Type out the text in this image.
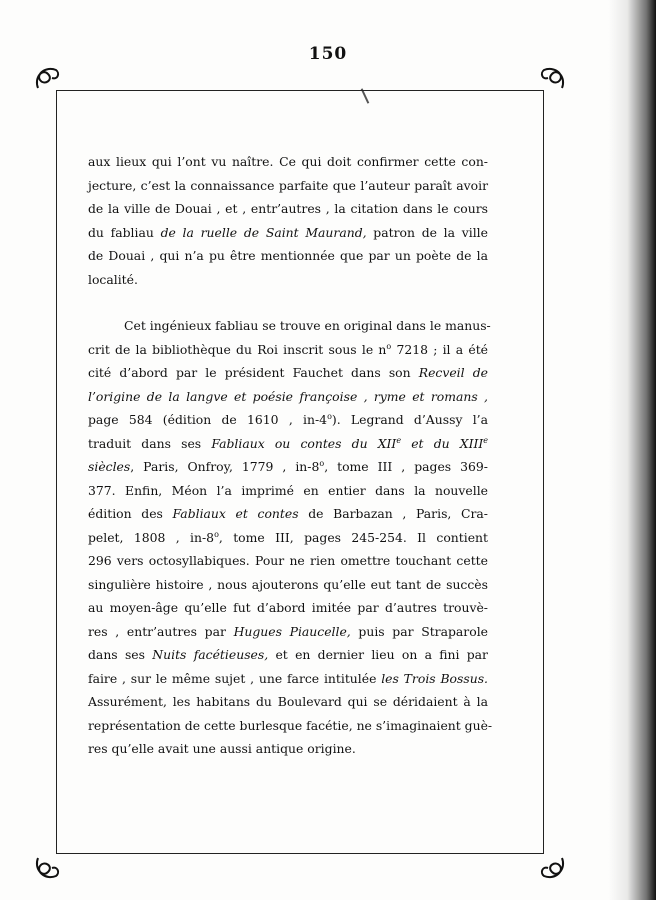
150

aux lieux qui l’ont vu naître. Ce qui doit confirmer cette con-
jecture, c’est la connaissance parfaite que l’auteur paraît avoir
de la ville de Douai , et , entr’autres , la citation dans le cours
du fabliau de la ruelle de Saint Maurand, patron de la ville
de Douai , qui n’a pu être mentionnée que par un poète de la
localité.

Cet ingénieux fabliau se trouve en original dans le manus-
crit de la bibliothèque du Roi inscrit sous le $n^o$ 7218 ; il a été
cité d’abord par le président Fauchet dans son Recveil de
l’origine de la langve et poésie françoise , ryme et romans ,
page 584 (édition de 1610 , in-4$^o$). Legrand d’Aussy l’a
traduit dans ses Fabliaux ou contes du XIIe et du XIIIe
siècles, Paris, Onfroy, 1779 , in-8$^o$, tome III , pages 369-
377. Enfin, Méon l’a imprimé en entier dans la nouvelle
édition des Fabliaux et contes de Barbazan , Paris, Cra-
pelet, 1808 , in-8$^o$, tome III, pages 245-254. Il contient
296 vers octosyllabiques. Pour ne rien omettre touchant cette
singulière histoire , nous ajouterons qu’elle eut tant de succès
au moyen-âge qu’elle fut d’abord imitée par d’autres trouvè-
res , entr’autres par Hugues Piaucelle, puis par Straparole
dans ses Nuits facétieuses, et en dernier lieu on a fini par
faire , sur le même sujet , une farce intitulée les Trois Bossus.
Assurément, les habitans du Boulevard qui se déridaient à la
représentation de cette burlesque facétie, ne s’imaginaient guè-
res qu’elle avait une aussi antique origine.
